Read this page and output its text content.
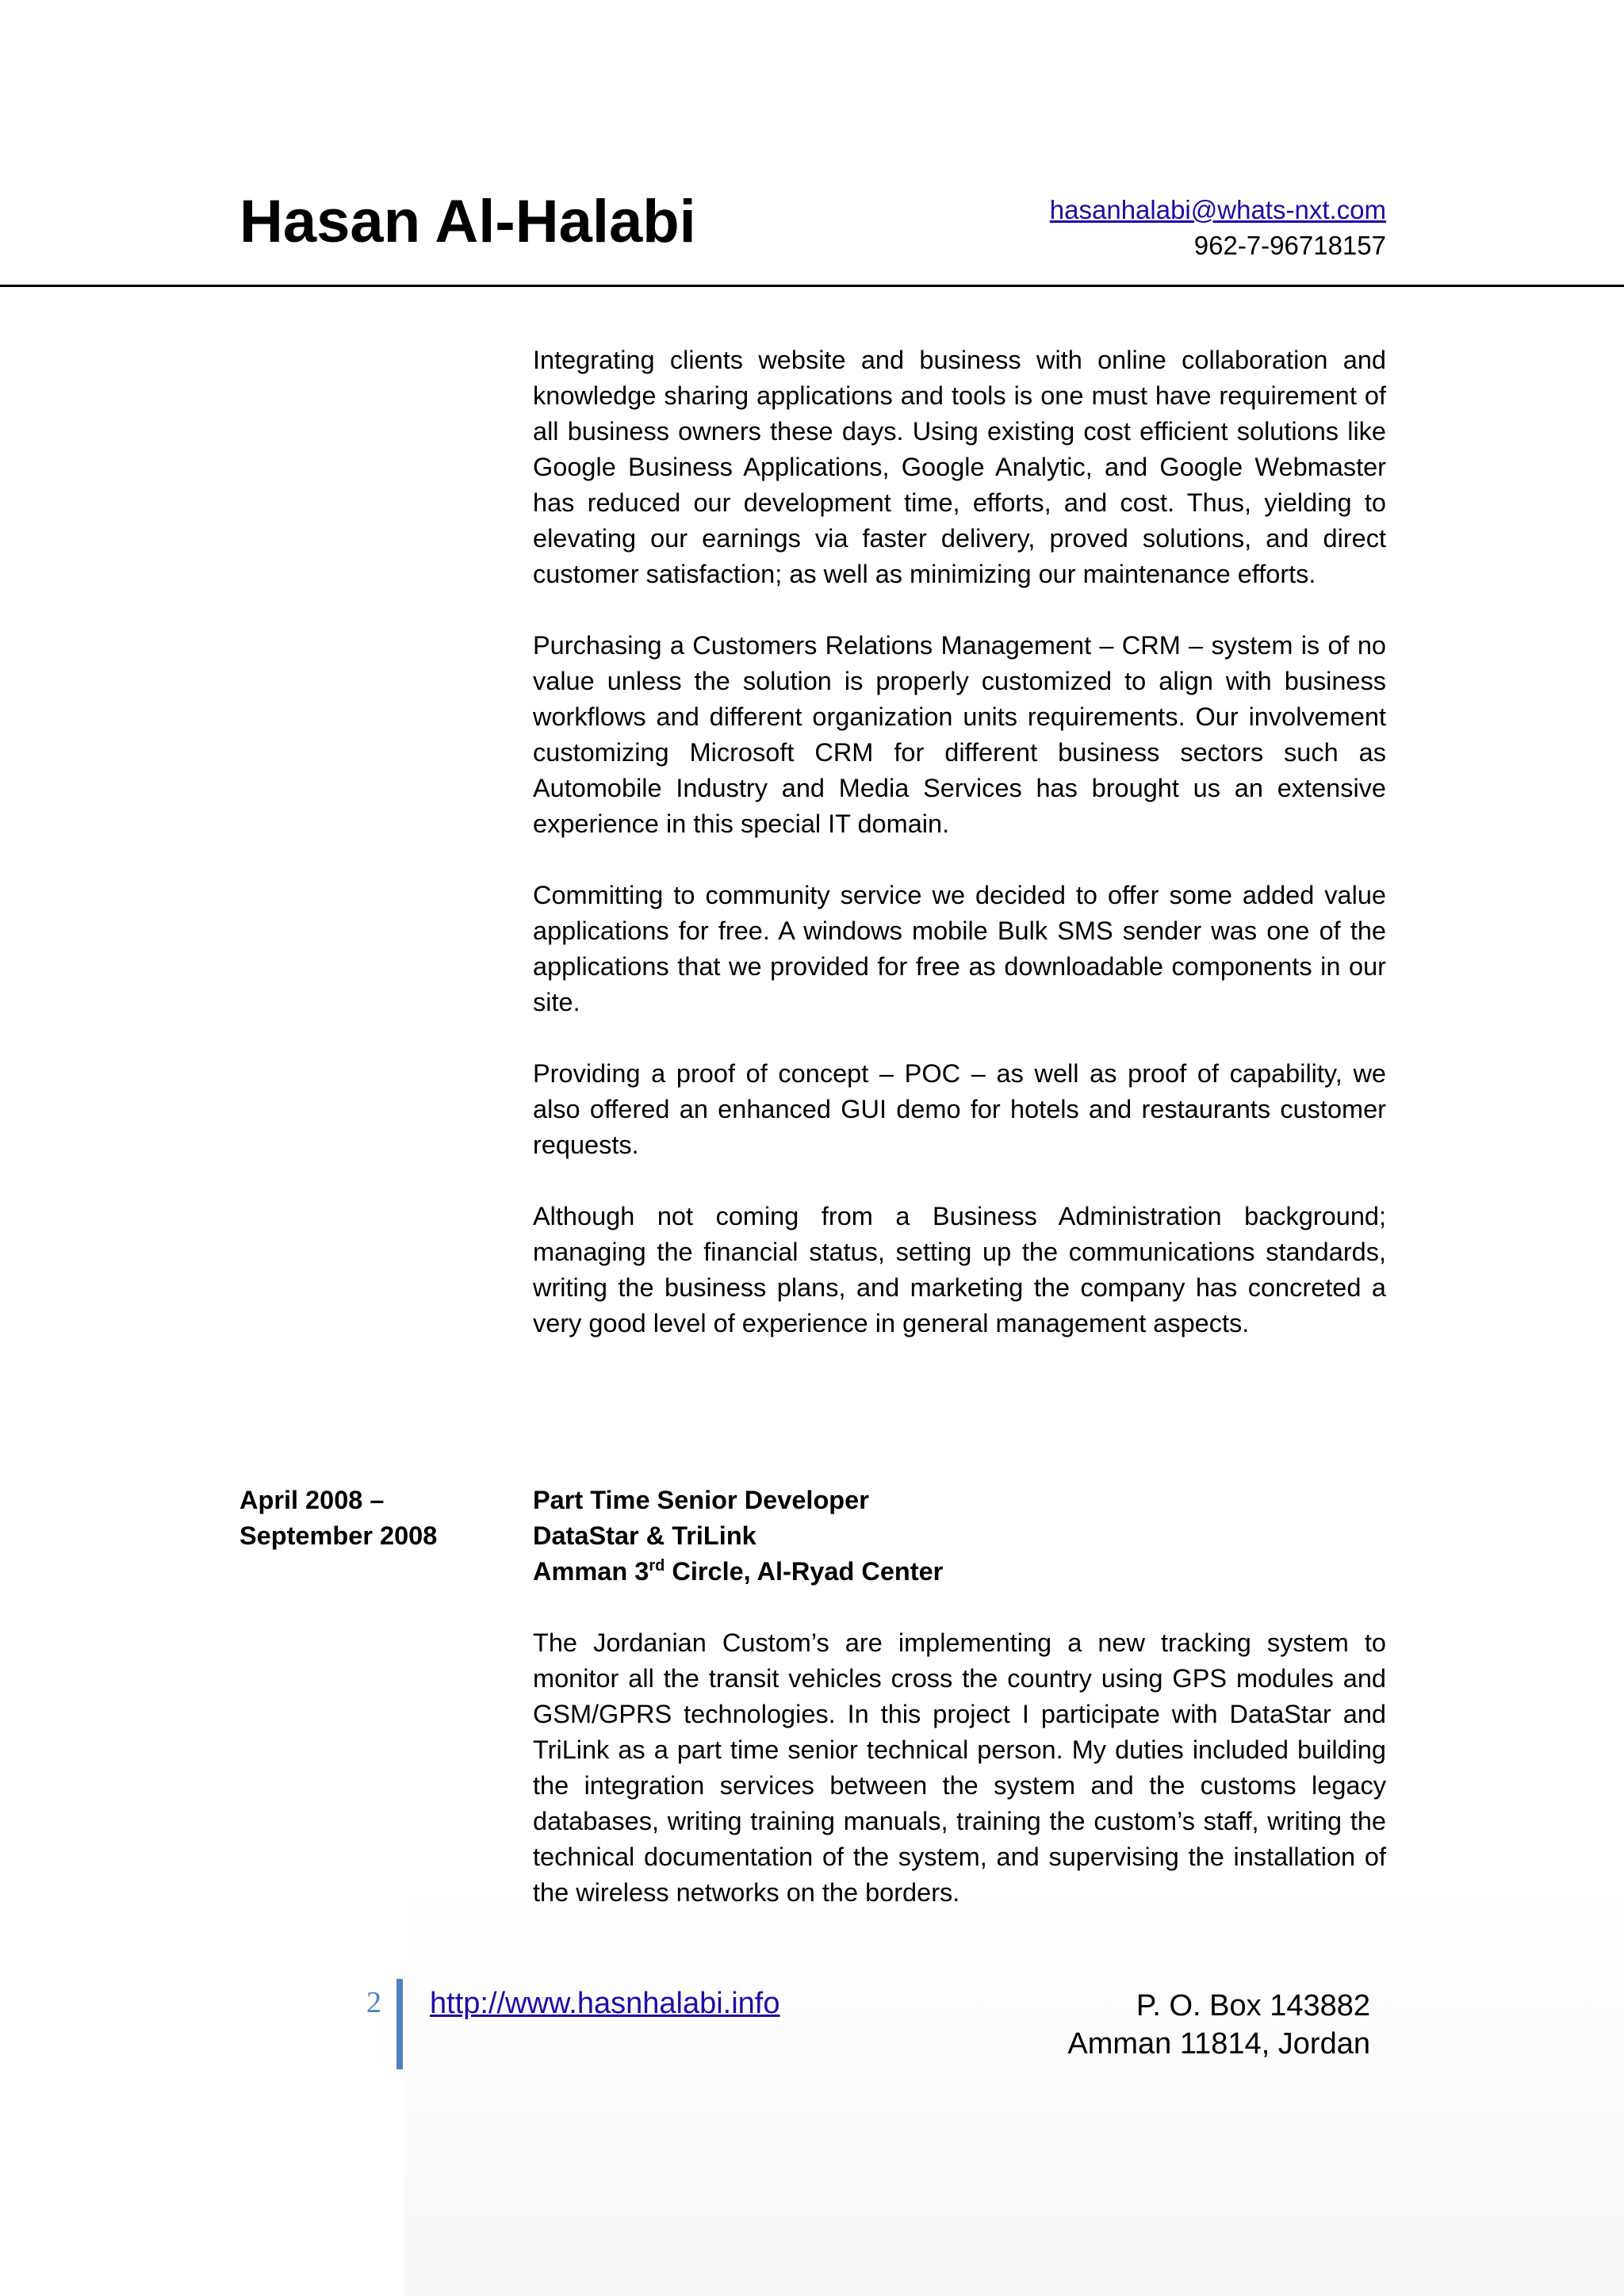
Hasan Al-Halabi	hasanhalabi@whats-nxt.com
962-7-96718157

Integrating clients website and business with online collaboration and knowledge sharing applications and tools is one must have requirement of all business owners these days. Using existing cost efficient solutions like Google Business Applications, Google Analytic, and Google Webmaster has reduced our development time, efforts, and cost. Thus, yielding to elevating our earnings via faster delivery, proved solutions, and direct customer satisfaction; as well as minimizing our maintenance efforts.

Purchasing a Customers Relations Management – CRM – system is of no value unless the solution is properly customized to align with business workflows and different organization units requirements. Our involvement customizing Microsoft CRM for different business sectors such as Automobile Industry and Media Services has brought us an extensive experience in this special IT domain.

Committing to community service we decided to offer some added value applications for free. A windows mobile Bulk SMS sender was one of the applications that we provided for free as downloadable components in our site.

Providing a proof of concept – POC – as well as proof of capability, we also offered an enhanced GUI demo for hotels and restaurants customer requests.

Although not coming from a Business Administration background; managing the financial status, setting up the communications standards, writing the business plans, and marketing the company has concreted a very good level of experience in general management aspects.

April 2008 –
September 2008
Part Time Senior Developer
DataStar & TriLink
Amman 3rd Circle, Al-Ryad Center

The Jordanian Custom’s are implementing a new tracking system to monitor all the transit vehicles cross the country using GPS modules and GSM/GPRS technologies. In this project I participate with DataStar and TriLink as a part time senior technical person. My duties included building the integration services between the system and the customs legacy databases, writing training manuals, training the custom’s staff, writing the technical documentation of the system, and supervising the installation of the wireless networks on the borders.

2 http://www.hasnhalabi.info	P. O. Box 143882
Amman 11814, Jordan
